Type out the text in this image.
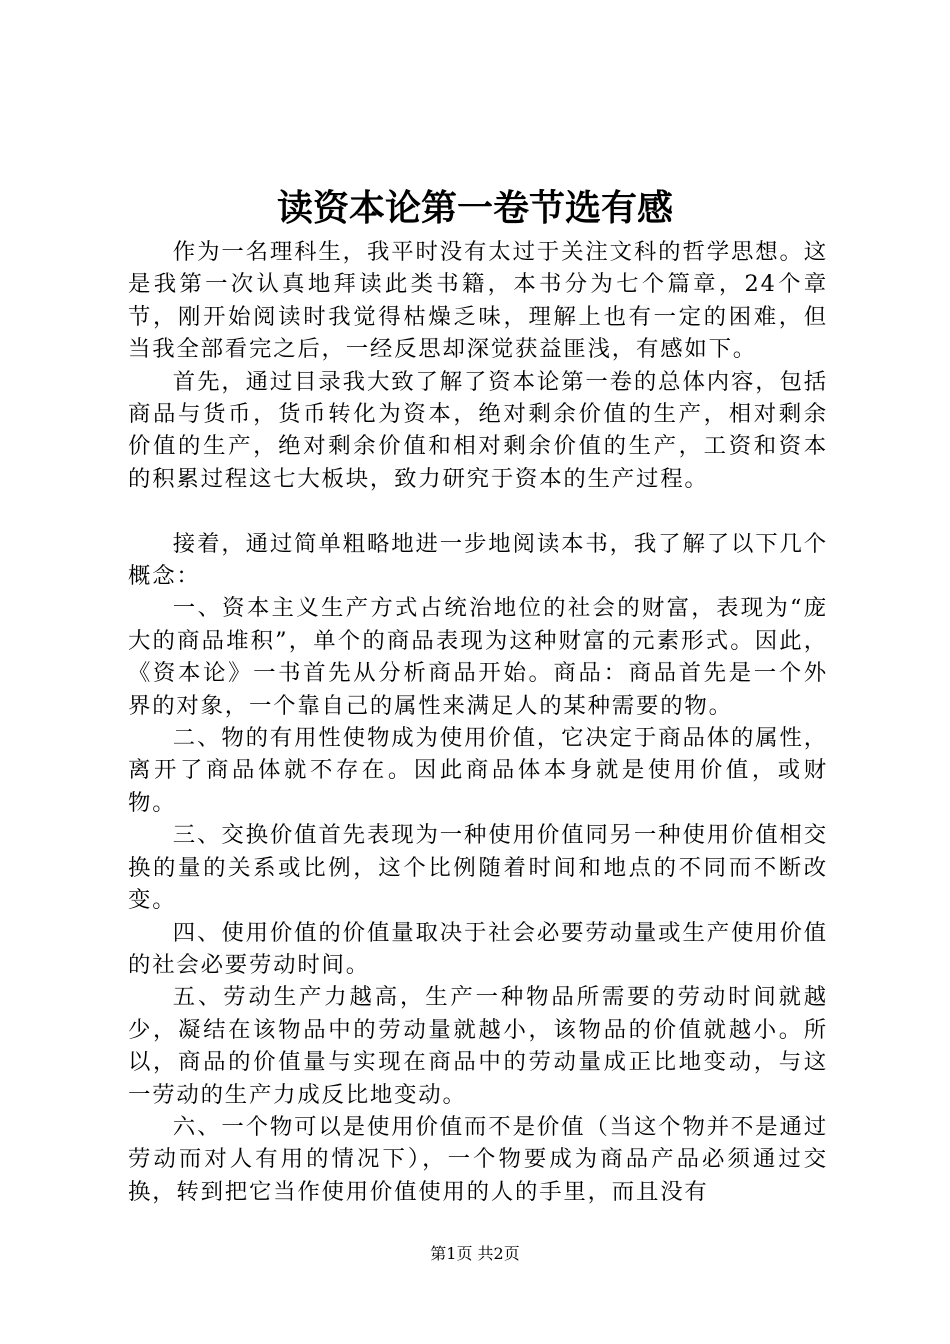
读资本论第一卷节选有感

作为一名理科生，我平时没有太过于关注文科的哲学思想。这是我第一次认真地拜读此类书籍，本书分为七个篇章，24个章节，刚开始阅读时我觉得枯燥乏味，理解上也有一定的困难，但当我全部看完之后，一经反思却深觉获益匪浅，有感如下。

首先，通过目录我大致了解了资本论第一卷的总体内容，包括商品与货币，货币转化为资本，绝对剩余价值的生产，相对剩余价值的生产，绝对剩余价值和相对剩余价值的生产，工资和资本的积累过程这七大板块，致力研究于资本的生产过程。

接着，通过简单粗略地进一步地阅读本书，我了解了以下几个概念：

一、资本主义生产方式占统治地位的社会的财富，表现为“庞大的商品堆积”，单个的商品表现为这种财富的元素形式。因此，《资本论》一书首先从分析商品开始。商品：商品首先是一个外界的对象，一个靠自己的属性来满足人的某种需要的物。

二、物的有用性使物成为使用价值，它决定于商品体的属性，离开了商品体就不存在。因此商品体本身就是使用价值，或财物。

三、交换价值首先表现为一种使用价值同另一种使用价值相交换的量的关系或比例，这个比例随着时间和地点的不同而不断改变。

四、使用价值的价值量取决于社会必要劳动量或生产使用价值的社会必要劳动时间。

五、劳动生产力越高，生产一种物品所需要的劳动时间就越少，凝结在该物品中的劳动量就越小，该物品的价值就越小。所以，商品的价值量与实现在商品中的劳动量成正比地变动，与这一劳动的生产力成反比地变动。

六、一个物可以是使用价值而不是价值（当这个物并不是通过劳动而对人有用的情况下），一个物要成为商品产品必须通过交换，转到把它当作使用价值使用的人的手里，而且没有

第1页 共2页
